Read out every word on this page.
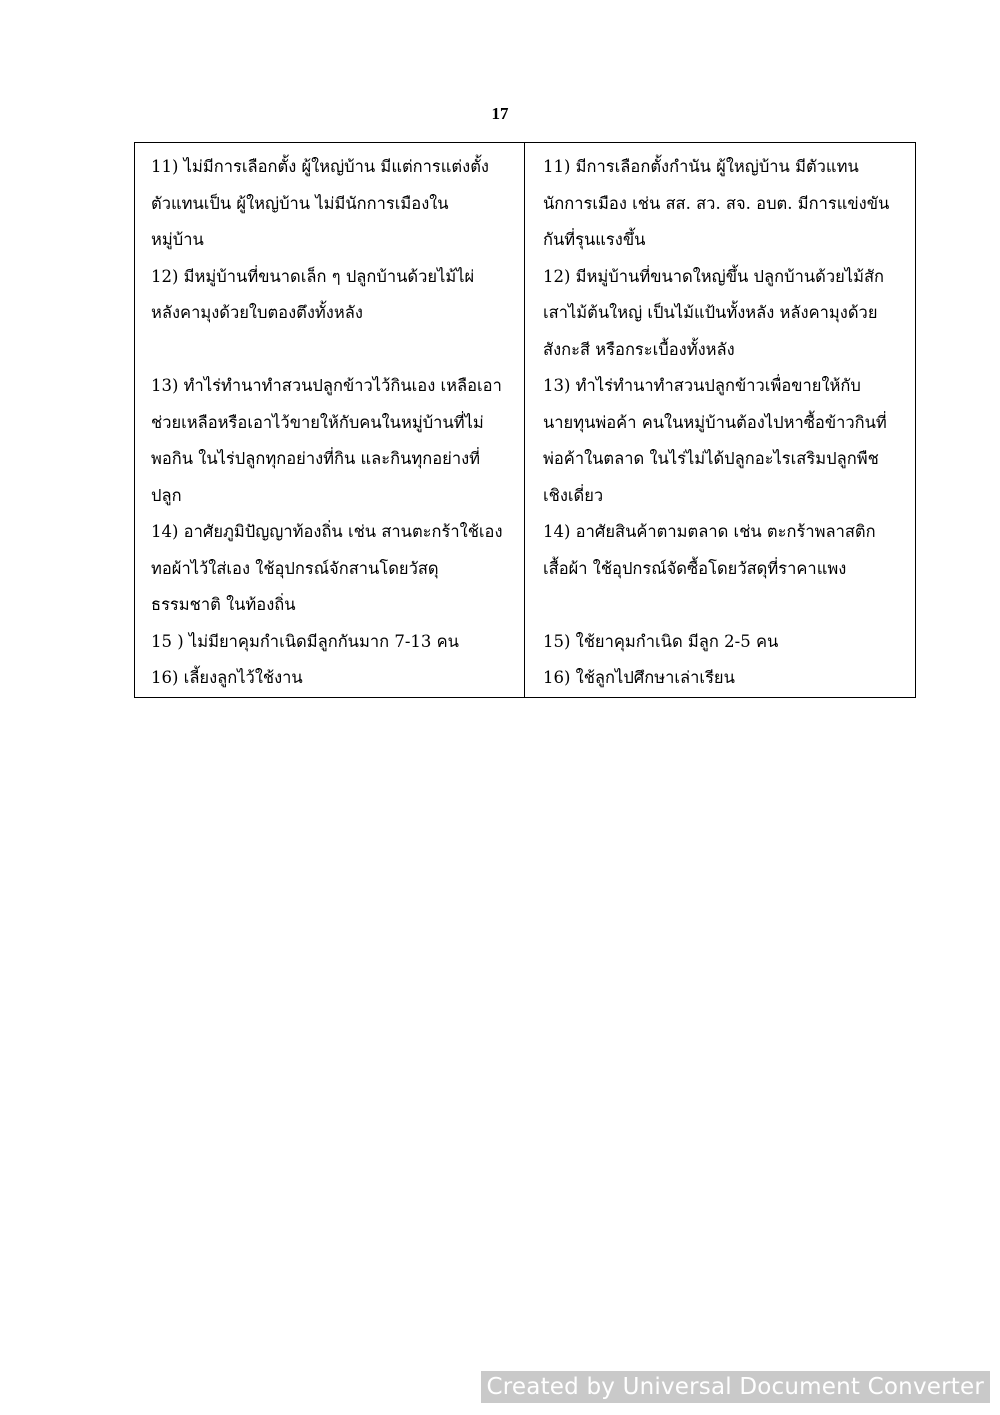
17
11) ไม่มีการเลือกตั้ง ผู้ใหญ่บ้าน มีแต่การแต่งตั้ง
ตัวแทนเป็น ผู้ใหญ่บ้าน ไม่มีนักการเมืองใน
หมู่บ้าน
12) มีหมู่บ้านที่ขนาดเล็ก ๆ ปลูกบ้านด้วยไม้ไผ่
หลังคามุงด้วยใบตองตึงทั้งหลัง
13) ทำไร่ทำนาทำสวนปลูกข้าวไว้กินเอง เหลือเอา
ช่วยเหลือหรือเอาไว้ขายให้กับคนในหมู่บ้านที่ไม่
พอกิน ในไร่ปลูกทุกอย่างที่กิน และกินทุกอย่างที่
ปลูก
14) อาศัยภูมิปัญญาท้องถิ่น เช่น สานตะกร้าใช้เอง
ทอผ้าไว้ใส่เอง ใช้อุปกรณ์จักสานโดยวัสดุ
ธรรมชาติ ในท้องถิ่น
15 ) ไม่มียาคุมกำเนิดมีลูกกันมาก 7-13 คน
16) เลี้ยงลูกไว้ใช้งาน
11) มีการเลือกตั้งกำนัน ผู้ใหญ่บ้าน มีตัวแทน
นักการเมือง เช่น สส. สว. สจ. อบต. มีการแข่งขัน
กันที่รุนแรงขึ้น
12) มีหมู่บ้านที่ขนาดใหญ่ขึ้น ปลูกบ้านด้วยไม้สัก
เสาไม้ต้นใหญ่ เป็นไม้แป้นทั้งหลัง หลังคามุงด้วย
สังกะสี หรือกระเบื้องทั้งหลัง
13) ทำไร่ทำนาทำสวนปลูกข้าวเพื่อขายให้กับ
นายทุนพ่อค้า คนในหมู่บ้านต้องไปหาซื้อข้าวกินที่
พ่อค้าในตลาด ในไร่ไม่ได้ปลูกอะไรเสริมปลูกพืช
เชิงเดี่ยว
14) อาศัยสินค้าตามตลาด เช่น ตะกร้าพลาสติก
เสื้อผ้า ใช้อุปกรณ์จัดซื้อโดยวัสดุที่ราคาแพง
15) ใช้ยาคุมกำเนิด มีลูก 2-5 คน
16) ใช้ลูกไปศึกษาเล่าเรียน
Created by Universal Document Converter
